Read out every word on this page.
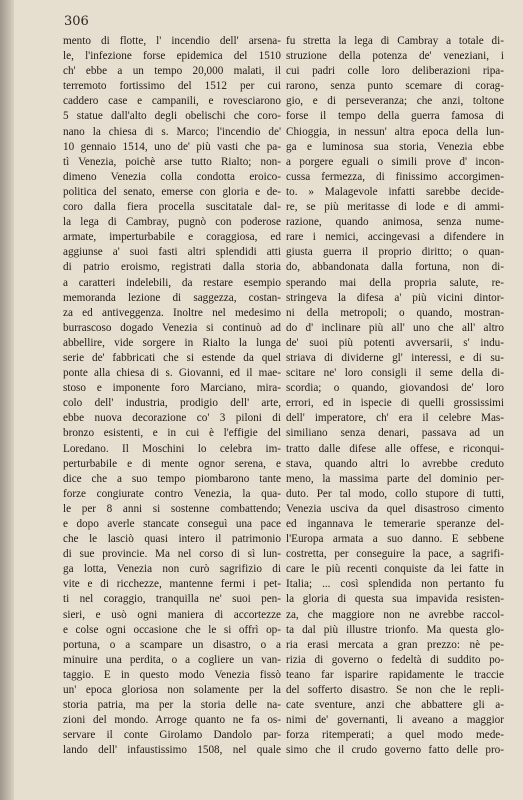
306
mento di flotte, l' incendio dell' arsena-
le, l'infezione forse epidemica del 1510
ch' ebbe a un tempo 20,000 malati, il
terremoto fortissimo del 1512 per cui
caddero case e campanili, e rovesciarono
5 statue dall'alto degli obelischi che coro-
nano la chiesa di s. Marco; l'incendio de'
10 gennaio 1514, uno de' più vasti che pa-
tì Venezia, poichè arse tutto Rialto; non-
dimeno Venezia colla condotta eroico-
politica del senato, emerse con gloria e de-
coro dalla fiera procella suscitatale dal-
la lega di Cambray, pugnò con poderose
armate, imperturbabile e coraggiosa, ed
aggiunse a' suoi fasti altri splendidi atti
di patrio eroismo, registrati dalla storia
a caratteri indelebili, da restare esempio
memoranda lezione di saggezza, costan-
za ed antiveggenza. Inoltre nel medesimo
burrascoso dogado Venezia si continuò ad
abbellire, vide sorgere in Rialto la lunga
serie de' fabbricati che si estende da quel
ponte alla chiesa di s. Giovanni, ed il mae-
stoso e imponente foro Marciano, mira-
colo dell' industria, prodigio dell' arte,
ebbe nuova decorazione co' 3 piloni di
bronzo esistenti, e in cui è l'effigie del
Loredano. Il Moschini lo celebra im-
perturbabile e di mente ognor serena, e
dice che a suo tempo piombarono tante
forze congiurate contro Venezia, la qua-
le per 8 anni si sostenne combattendo;
e dopo averle stancate conseguì una pace
che le lasciò quasi intero il patrimonio
di sue provincie. Ma nel corso di sì lun-
ga lotta, Venezia non curò sagrifizio di
vite e di ricchezze, mantenne fermi i pet-
ti nel coraggio, tranquilla ne' suoi pen-
sieri, e usò ogni maniera di accortezze
e colse ogni occasione che le si offrì op-
portuna, o a scampare un disastro, o a
minuire una perdita, o a cogliere un van-
taggio. E in questo modo Venezia fissò
un' epoca gloriosa non solamente per la
storia patria, ma per la storia delle na-
zioni del mondo. Arroge quanto ne fa os-
servare il conte Girolamo Dandolo par-
lando dell' infaustissimo 1508, nel quale
fu stretta la lega di Cambray a totale di-
struzione della potenza de' veneziani, i
cui padri colle loro deliberazioni ripa-
rarono, senza punto scemare di corag-
gio, e di perseveranza; che anzi, toltone
forse il tempo della guerra famosa di
Chioggia, in nessun' altra epoca della lun-
ga e luminosa sua storia, Venezia ebbe
a porgere eguali o simili prove d' incon-
cussa fermezza, di finissimo accorgimen-
to. » Malagevole infatti sarebbe decide-
re, se più meritasse di lode e di ammi-
razione, quando animosa, senza nume-
rare i nemici, accingevasi a difendere in
giusta guerra il proprio diritto; o quan-
do, abbandonata dalla fortuna, non di-
sperando mai della propria salute, re-
stringeva la difesa a' più vicini dintor-
ni della metropoli; o quando, mostran-
do d' inclinare più all' uno che all' altro
de' suoi più potenti avversarii, s' indu-
striava di dividerne gl' interessi, e di su-
scitare ne' loro consigli il seme della di-
scordia; o quando, giovandosi de' loro
errori, ed in ispecie di quelli grossissimi
dell' imperatore, ch' era il celebre Mas-
similiano senza denari, passava ad un
tratto dalle difese alle offese, e riconqui-
stava, quando altri lo avrebbe creduto
meno, la massima parte del dominio per-
duto. Per tal modo, collo stupore di tutti,
Venezia usciva da quel disastroso cimento
ed ingannava le temerarie speranze del-
l'Europa armata a suo danno. E sebbene
costretta, per conseguire la pace, a sagrifi-
care le più recenti conquiste da lei fatte in
Italia; ... così splendida non pertanto fu
la gloria di questa sua impavida resisten-
za, che maggiore non ne avrebbe raccol-
ta dal più illustre trionfo. Ma questa glo-
ria erasi mercata a gran prezzo: nè pe-
rizia di governo o fedeltà di suddito po-
teano far isparire rapidamente le traccie
del sofferto disastro. Se non che le repli-
cate sventure, anzi che abbattere gli a-
nimi de' governanti, li aveano a maggior
forza ritemperati; a quel modo mede-
simo che il crudo governo fatto delle pro-
